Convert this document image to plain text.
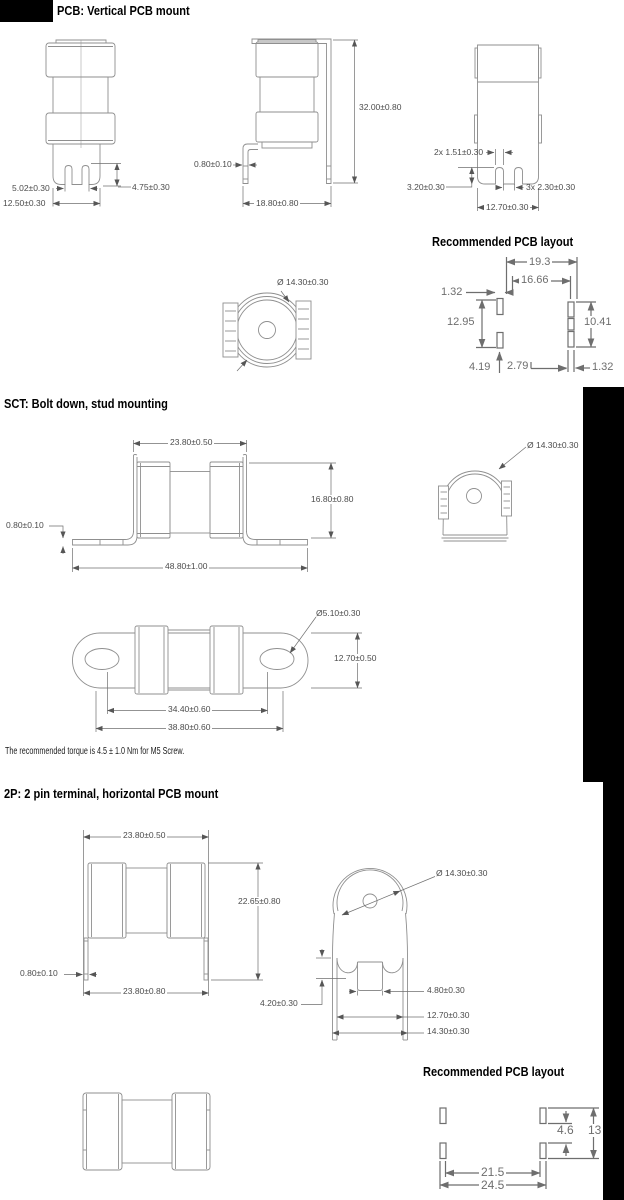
PCB: Vertical PCB mount
Recommended PCB layout
SCT: Bolt down, stud mounting
The recommended torque is 4.5 ± 1.0 Nm for M5 Screw.
2P: 2 pin terminal, horizontal PCB mount
Recommended PCB layout
5.02±0.30
12.50±0.30
4.75±0.30
0.80±0.10
18.80±0.80
32.00±0.80
2x 1.51±0.30
3.20±0.30	3x 2.30±0.30
12.70±0.30
Ø 14.30±0.30
19.3
16.66
1.32
12.95
4.19 2.79
10.41
1.32
23.80±0.50
16.80±0.80
0.80±0.10
48.80±1.00
Ø 14.30±0.30
Ø5.10±0.30
12.70±0.50
34.40±0.60
38.80±0.60
23.80±0.50
22.65±0.80
0.80±0.10
23.80±0.80
Ø 14.30±0.30
4.20±0.30
4.80±0.30
12.70±0.30
14.30±0.30
4.6 13
21.5
24.5
